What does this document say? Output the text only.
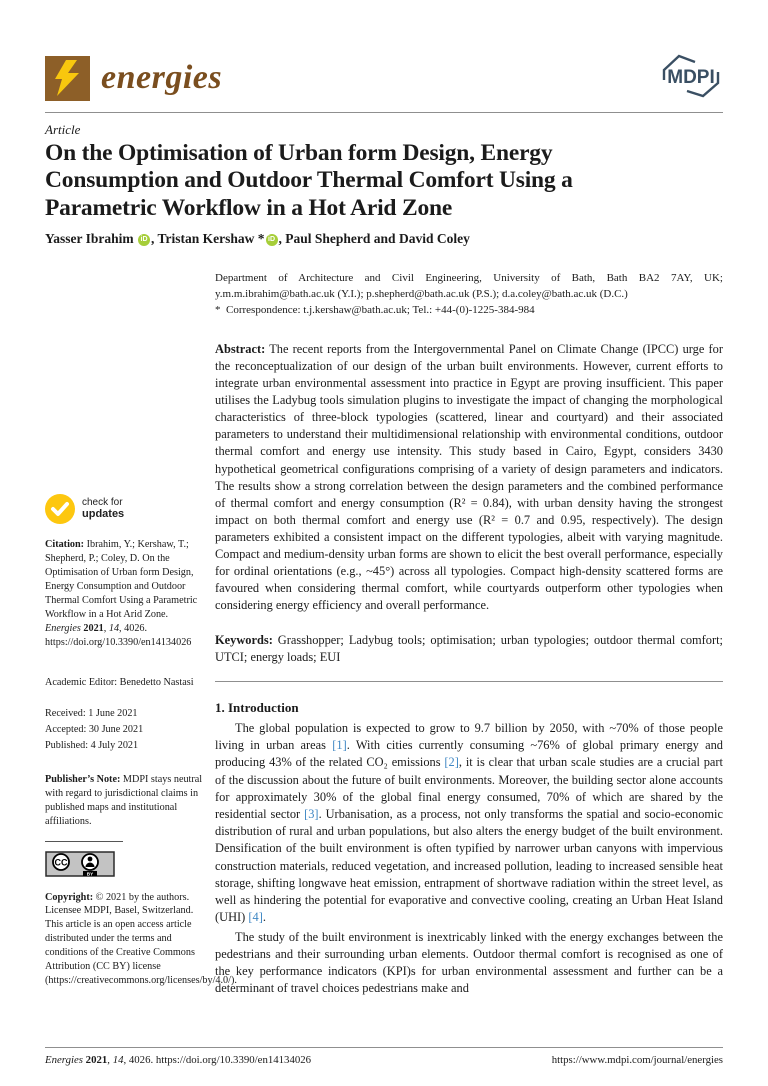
energies	MDPI
Article
On the Optimisation of Urban form Design, Energy Consumption and Outdoor Thermal Comfort Using a Parametric Workflow in a Hot Arid Zone
Yasser Ibrahim iD , Tristan Kershaw * iD , Paul Shepherd and David Coley
check for
updates
Citation: Ibrahim, Y.; Kershaw, T.; Shepherd, P.; Coley, D. On the Optimisation of Urban form Design, Energy Consumption and Outdoor Thermal Comfort Using a Parametric Workflow in a Hot Arid Zone. Energies 2021, 14, 4026. https://doi.org/10.3390/en14134026
Academic Editor: Benedetto Nastasi
Received: 1 June 2021
Accepted: 30 June 2021
Published: 4 July 2021
Publisher’s Note: MDPI stays neutral with regard to jurisdictional claims in published maps and institutional affiliations.
CC
BY
Copyright: © 2021 by the authors. Licensee MDPI, Basel, Switzerland. This article is an open access article distributed under the terms and conditions of the Creative Commons Attribution (CC BY) license (https://creativecommons.org/licenses/by/4.0/).
Department of Architecture and Civil Engineering, University of Bath, Bath BA2 7AY, UK; y.m.m.ibrahim@bath.ac.uk (Y.I.); p.shepherd@bath.ac.uk (P.S.); d.a.coley@bath.ac.uk (D.C.)
* Correspondence: t.j.kershaw@bath.ac.uk; Tel.: +44-(0)-1225-384-984
Abstract: The recent reports from the Intergovernmental Panel on Climate Change (IPCC) urge for the reconceptualization of our design of the urban built environments. However, current efforts to integrate urban environmental assessment into practice in Egypt are proving insufficient. This paper utilises the Ladybug tools simulation plugins to investigate the impact of changing the morphological characteristics of three-block typologies (scattered, linear and courtyard) and their associated parameters to understand their multidimensional relationship with environmental conditions, outdoor thermal comfort and energy use intensity. This study based in Cairo, Egypt, considers 3430 hypothetical geometrical configurations comprising of a variety of design parameters and indicators. The results show a strong correlation between the design parameters and the combined performance of thermal comfort and energy consumption (R² = 0.84), with urban density having the strongest impact on both thermal comfort and energy use (R² = 0.7 and 0.95, respectively). The design parameters exhibited a consistent impact on the different typologies, albeit with varying magnitude. Compact and medium-density urban forms are shown to elicit the best overall performance, especially for ordinal orientations (e.g., ~45°) across all typologies. Compact high-density scattered forms are favoured when considering thermal comfort, while courtyards outperform other typologies when considering energy efficiency and overall performance.
Keywords: Grasshopper; Ladybug tools; optimisation; urban typologies; outdoor thermal comfort; UTCI; energy loads; EUI
1. Introduction

The global population is expected to grow to 9.7 billion by 2050, with ~70% of those people living in urban areas [1]. With cities currently consuming ~76% of global primary energy and producing 43% of the related CO₂ emissions [2], it is clear that urban scale studies are a crucial part of the discussion about the future of built environments. Moreover, the building sector alone accounts for approximately 30% of the global final energy consumed, 70% of which are shared by the residential sector [3]. Urbanisation, as a process, not only transforms the spatial and socio-economic distribution of rural and urban populations, but also alters the energy budget of the built environment. Densification of the built environment is often typified by narrower urban canyons with impervious construction materials, reduced vegetation, and increased pollution, leading to increased sensible heat storage, shifting longwave heat emission, entrapment of shortwave radiation within the street level, as well as hindering the potential for evaporative and convective cooling, creating an Urban Heat Island (UHI) [4].

The study of the built environment is inextricably linked with the energy exchanges between the pedestrians and their surrounding urban elements. Outdoor thermal comfort is recognised as one of the key performance indicators (KPI)s for urban environmental assessment and further can be a determinant of travel choices pedestrians make and

Energies 2021, 14, 4026. https://doi.org/10.3390/en14134026	https://www.mdpi.com/journal/energies
